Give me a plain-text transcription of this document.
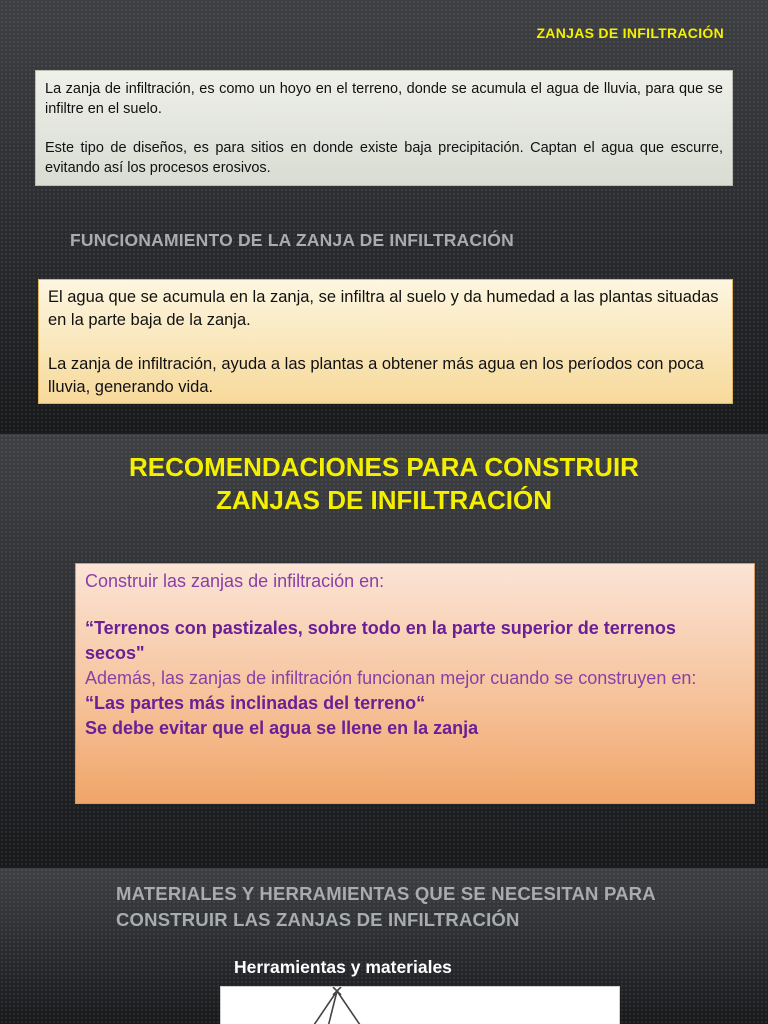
ZANJAS DE INFILTRACIÓN

La zanja de infiltración, es como un hoyo en el terreno, donde se acumula el agua de lluvia, para que se infiltre en el suelo.

Este tipo de diseños, es para sitios en donde existe baja precipitación. Captan el agua que escurre, evitando así los procesos erosivos.

FUNCIONAMIENTO DE LA ZANJA DE INFILTRACIÓN

El agua que se acumula en la zanja, se infiltra al suelo y da humedad a las plantas situadas en la parte baja de la zanja.

La zanja de infiltración, ayuda a las plantas a obtener más agua en los períodos con poca lluvia, generando vida.

RECOMENDACIONES PARA CONSTRUIR
ZANJAS DE INFILTRACIÓN
Construir las zanjas de infiltración en:
“Terrenos con pastizales, sobre todo en la parte superior de terrenos
secos"
Además, las zanjas de infiltración funcionan mejor cuando se construyen en:
“Las partes más inclinadas del terreno“
Se debe evitar que el agua se llene en la zanja
MATERIALES Y HERRAMIENTAS QUE SE NECESITAN PARA CONSTRUIR LAS ZANJAS DE INFILTRACIÓN
Herramientas y materiales
